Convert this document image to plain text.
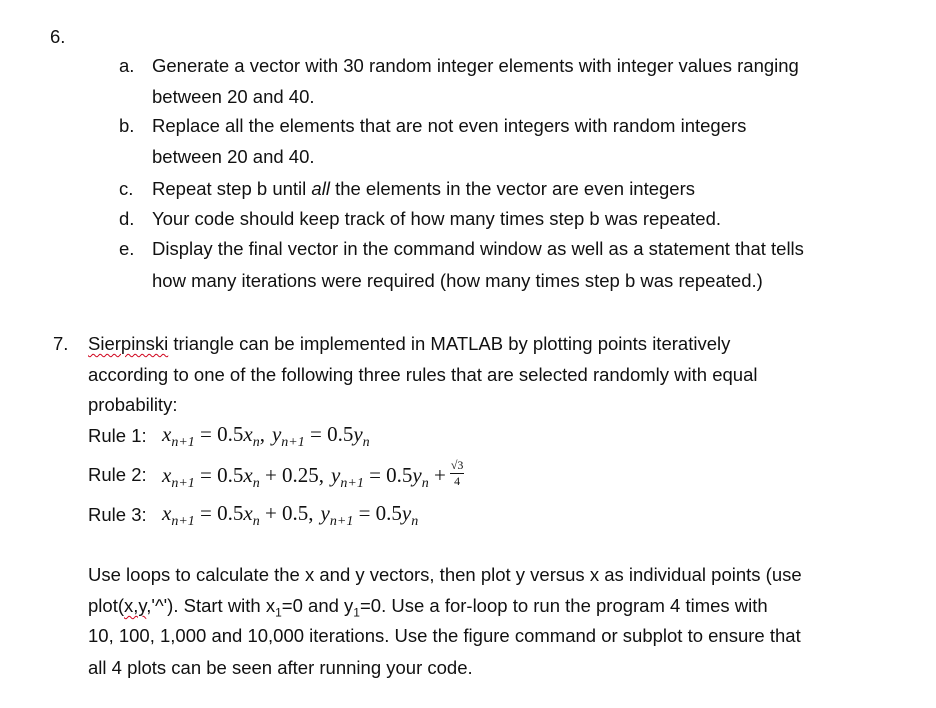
6.
a. Generate a vector with 30 random integer elements with integer values ranging
between 20 and 40.
b. Replace all the elements that are not even integers with random integers
between 20 and 40.
c. Repeat step b until all the elements in the vector are even integers
d. Your code should keep track of how many times step b was repeated.
e. Display the final vector in the command window as well as a statement that tells
how many iterations were required (how many times step b was repeated.)
7. Sierpinski triangle can be implemented in MATLAB by plotting points iteratively
according to one of the following three rules that are selected randomly with equal
probability:
Rule 1: $x_{n+1} = 0.5x_n$, $y_{n+1} = 0.5y_n$
Rule 2: $x_{n+1} = 0.5x_n + 0.25$, $y_{n+1} = 0.5y_n + \frac{√3}{4}$
Rule 3: $x_{n+1} = 0.5x_n + 0.5$, $y_{n+1} = 0.5y_n$
Use loops to calculate the x and y vectors, then plot y versus x as individual points (use
plot(x,y,'^'). Start with $x_1=0$ and $y_1=0$. Use a for-loop to run the program 4 times with
10, 100, 1,000 and 10,000 iterations. Use the figure command or subplot to ensure that
all 4 plots can be seen after running your code.
